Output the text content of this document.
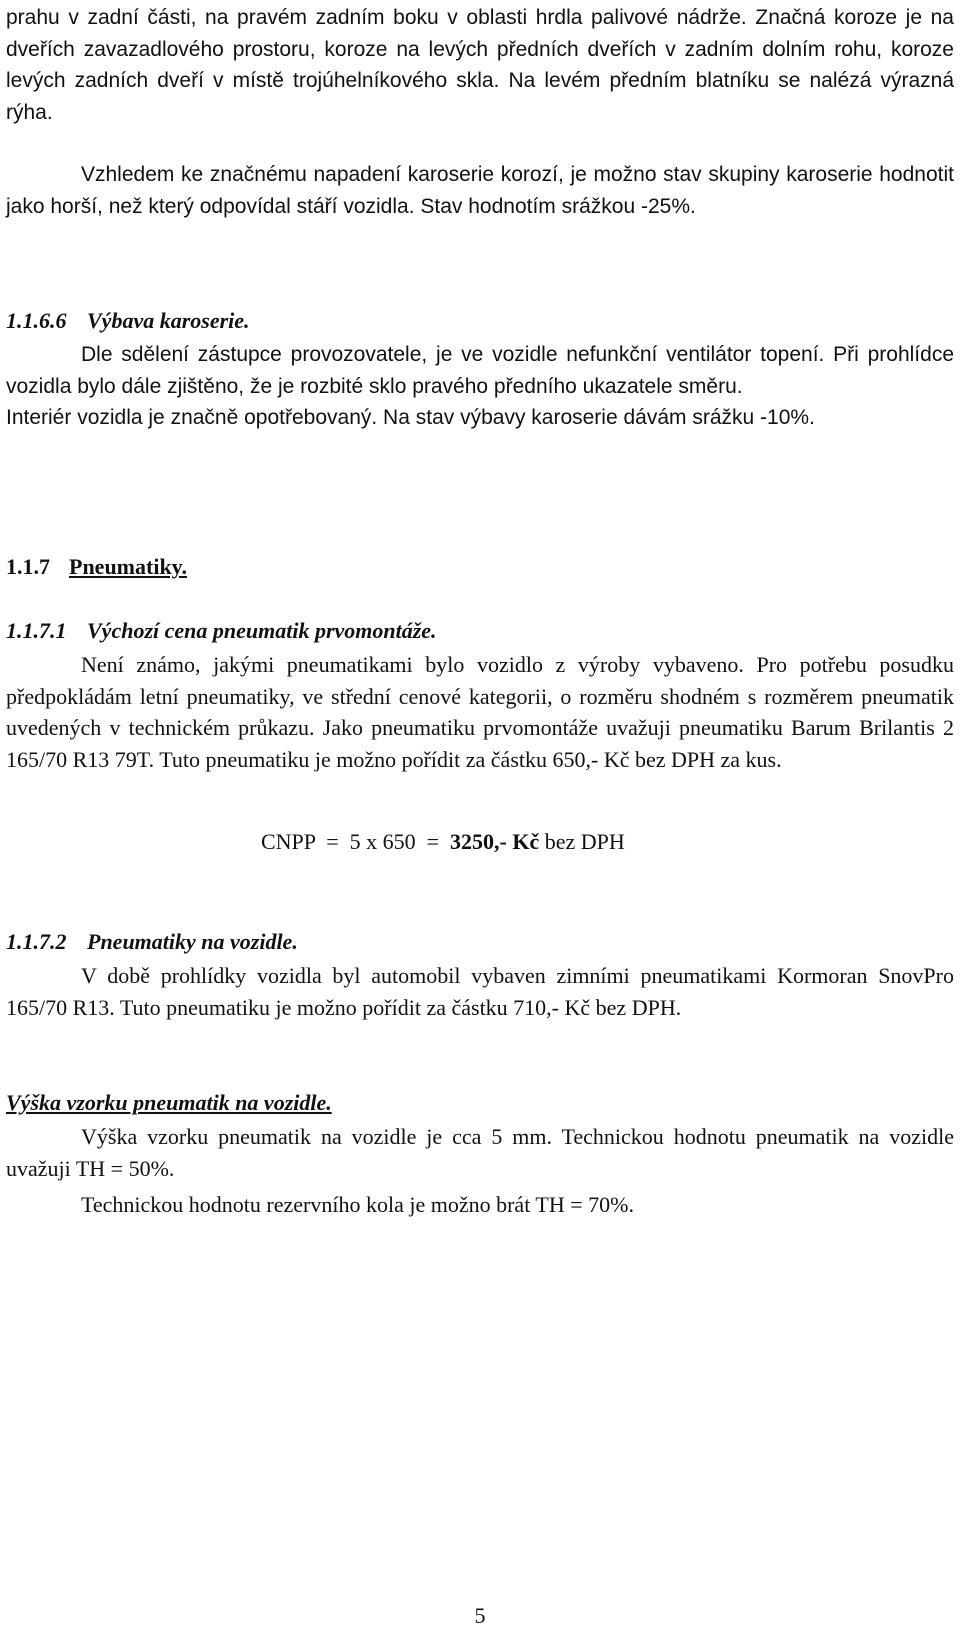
prahu v zadní části, na pravém zadním boku v oblasti hrdla palivové nádrže. Značná koroze je na dveřích zavazadlového prostoru, koroze na levých předních dveřích v zadním dolním rohu, koroze levých zadních dveří v místě trojúhelníkového skla. Na levém předním blatníku se nalézá výrazná rýha.
Vzhledem ke značnému napadení karoserie korozí, je možno stav skupiny karoserie hodnotit jako horší, než který odpovídal stáří vozidla. Stav hodnotím srážkou -25%.
1.1.6.6 Výbava karoserie.
Dle sdělení zástupce provozovatele, je ve vozidle nefunkční ventilátor topení. Při prohlídce vozidla bylo dále zjištěno, že je rozbité sklo pravého předního ukazatele směru.
Interiér vozidla je značně opotřebovaný. Na stav výbavy karoserie dávám srážku -10%.
1.1.7 Pneumatiky.
1.1.7.1 Výchozí cena pneumatik prvomontáže.
Není známo, jakými pneumatikami bylo vozidlo z výroby vybaveno. Pro potřebu posudku předpokládám letní pneumatiky, ve střední cenové kategorii, o rozměru shodném s rozměrem pneumatik uvedených v technickém průkazu. Jako pneumatiku prvomontáže uvažuji pneumatiku Barum Brilantis 2 165/70 R13 79T. Tuto pneumatiku je možno pořídit za částku 650,- Kč bez DPH za kus.
CNPP  =  5 x 650  =  3250,- Kč bez DPH
1.1.7.2 Pneumatiky na vozidle.
V době prohlídky vozidla byl automobil vybaven zimními pneumatikami Kormoran SnovPro 165/70 R13. Tuto pneumatiku je možno pořídit za částku 710,- Kč bez DPH.
Výška vzorku pneumatik na vozidle.
Výška vzorku pneumatik na vozidle je cca 5 mm. Technickou hodnotu pneumatik na vozidle uvažuji TH = 50%.
Technickou hodnotu rezervního kola je možno brát TH = 70%.
5
